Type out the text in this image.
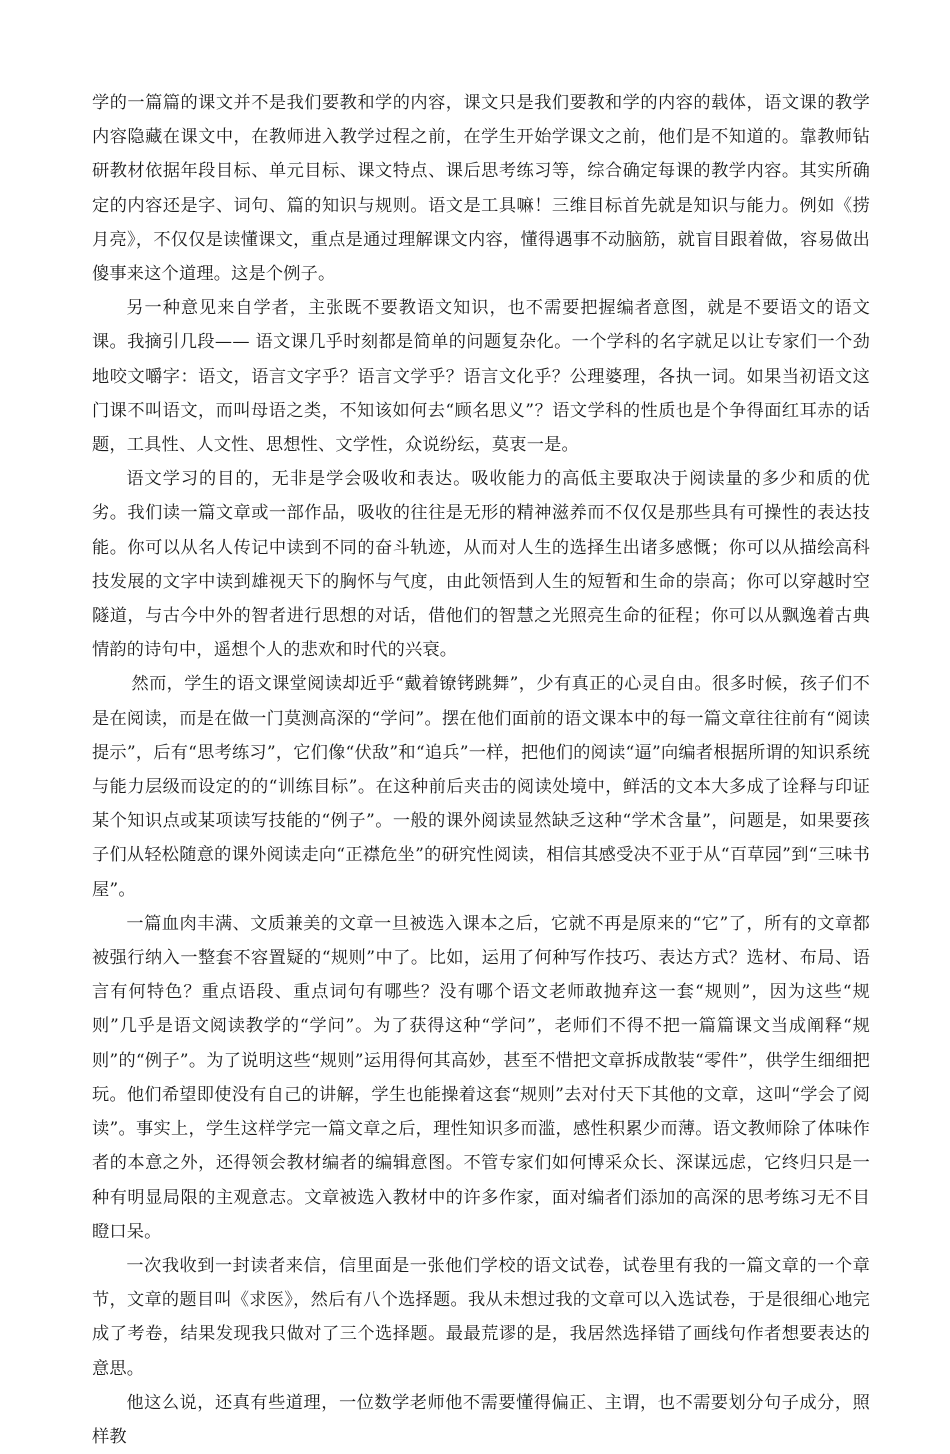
学的一篇篇的课文并不是我们要教和学的内容，课文只是我们要教和学的内容的载体，语文课的教学内容隐藏在课文中，在教师进入教学过程之前，在学生开始学课文之前，他们是不知道的。靠教师钻研教材依据年段目标、单元目标、课文特点、课后思考练习等，综合确定每课的教学内容。其实所确定的内容还是字、词句、篇的知识与规则。语文是工具嘛！三维目标首先就是知识与能力。例如《捞月亮》，不仅仅是读懂课文，重点是通过理解课文内容，懂得遇事不动脑筋，就盲目跟着做，容易做出傻事来这个道理。这是个例子。

另一种意见来自学者，主张既不要教语文知识，也不需要把握编者意图，就是不要语文的语文课。我摘引几段—— 语文课几乎时刻都是简单的问题复杂化。一个学科的名字就足以让专家们一个劲地咬文嚼字：语文，语言文字乎？语言文学乎？语言文化乎？公理婆理，各执一词。如果当初语文这门课不叫语文，而叫母语之类，不知该如何去“顾名思义”？语文学科的性质也是个争得面红耳赤的话题，工具性、人文性、思想性、文学性，众说纷纭，莫衷一是。

语文学习的目的，无非是学会吸收和表达。吸收能力的高低主要取决于阅读量的多少和质的优劣。我们读一篇文章或一部作品，吸收的往往是无形的精神滋养而不仅仅是那些具有可操性的表达技能。你可以从名人传记中读到不同的奋斗轨迹，从而对人生的选择生出诸多感慨；你可以从描绘高科技发展的文字中读到雄视天下的胸怀与气度，由此领悟到人生的短暂和生命的崇高；你可以穿越时空隧道，与古今中外的智者进行思想的对话，借他们的智慧之光照亮生命的征程；你可以从飘逸着古典情韵的诗句中，遥想个人的悲欢和时代的兴衰。

然而，学生的语文课堂阅读却近乎“戴着镣铐跳舞”，少有真正的心灵自由。很多时候，孩子们不是在阅读，而是在做一门莫测高深的“学问”。摆在他们面前的语文课本中的每一篇文章往往前有“阅读提示”，后有“思考练习”，它们像“伏敌”和“追兵”一样，把他们的阅读“逼”向编者根据所谓的知识系统与能力层级而设定的的“训练目标”。在这种前后夹击的阅读处境中，鲜活的文本大多成了诠释与印证某个知识点或某项读写技能的“例子”。一般的课外阅读显然缺乏这种“学术含量”，问题是，如果要孩子们从轻松随意的课外阅读走向“正襟危坐”的研究性阅读，相信其感受决不亚于从“百草园”到“三味书屋”。

一篇血肉丰满、文质兼美的文章一旦被选入课本之后，它就不再是原来的“它”了，所有的文章都被强行纳入一整套不容置疑的“规则”中了。比如，运用了何种写作技巧、表达方式？选材、布局、语言有何特色？重点语段、重点词句有哪些？没有哪个语文老师敢抛弃这一套“规则”，因为这些“规则”几乎是语文阅读教学的“学问”。为了获得这种“学问”，老师们不得不把一篇篇课文当成阐释“规则”的“例子”。为了说明这些“规则”运用得何其高妙，甚至不惜把文章拆成散装“零件”，供学生细细把玩。他们希望即使没有自己的讲解，学生也能操着这套“规则”去对付天下其他的文章，这叫“学会了阅读”。事实上，学生这样学完一篇文章之后，理性知识多而滥，感性积累少而薄。语文教师除了体味作者的本意之外，还得领会教材编者的编辑意图。不管专家们如何博采众长、深谋远虑，它终归只是一种有明显局限的主观意志。文章被选入教材中的许多作家，面对编者们添加的高深的思考练习无不目瞪口呆。

一次我收到一封读者来信，信里面是一张他们学校的语文试卷，试卷里有我的一篇文章的一个章节，文章的题目叫《求医》，然后有八个选择题。我从未想过我的文章可以入选试卷，于是很细心地完成了考卷，结果发现我只做对了三个选择题。最最荒谬的是，我居然选择错了画线句作者想要表达的意思。

他这么说，还真有些道理，一位数学老师他不需要懂得偏正、主谓，也不需要划分句子成分，照样教
